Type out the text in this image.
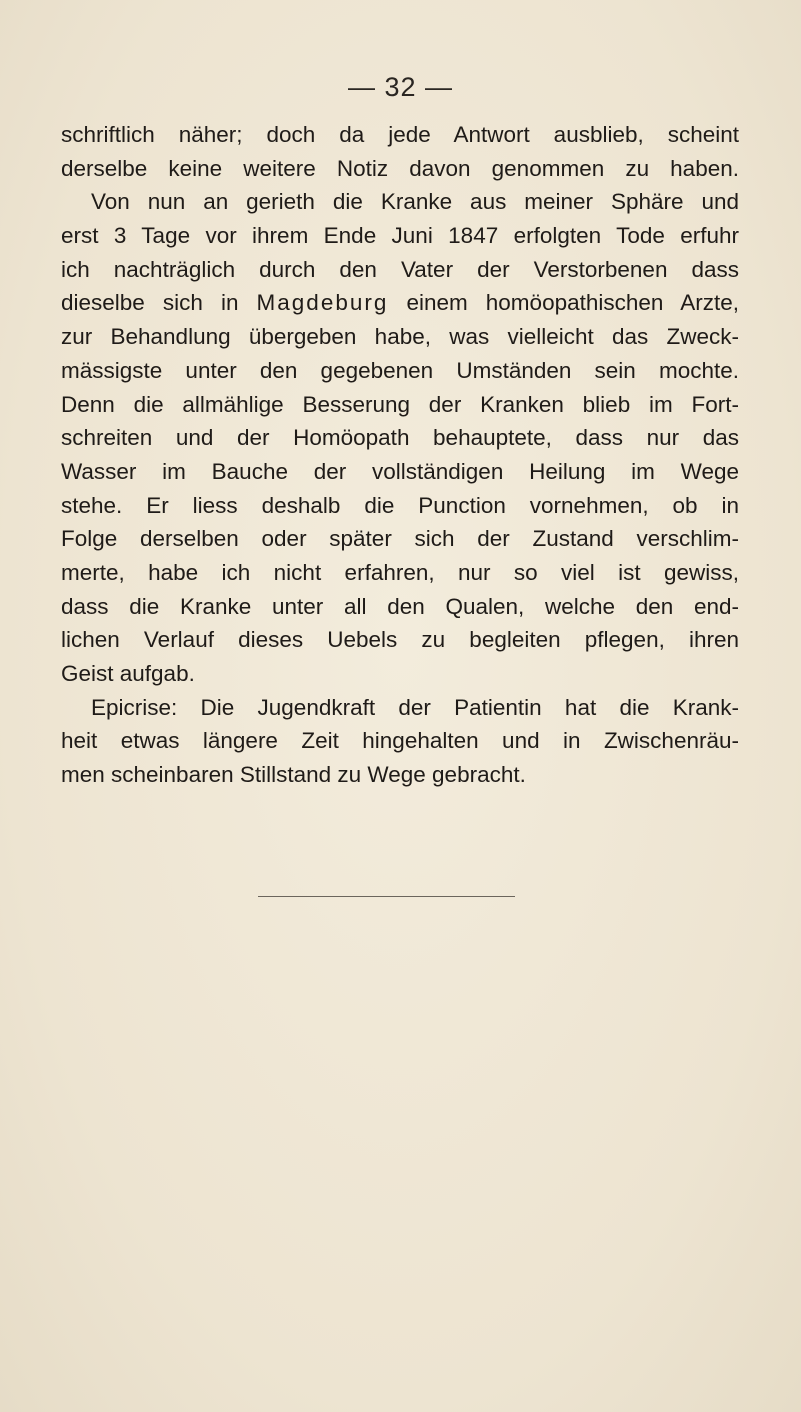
— 32 —
schriftlich näher; doch da jede Antwort ausblieb, scheint
derselbe keine weitere Notiz davon genommen zu haben.
Von nun an gerieth die Kranke aus meiner Sphäre und
erst 3 Tage vor ihrem Ende Juni 1847 erfolgten Tode erfuhr
ich nachträglich durch den Vater der Verstorbenen dass
dieselbe sich in Magdeburg einem homöopathischen Arzte,
zur Behandlung übergeben habe, was vielleicht das Zweck-
mässigste unter den gegebenen Umständen sein mochte.
Denn die allmählige Besserung der Kranken blieb im Fort-
schreiten und der Homöopath behauptete, dass nur das
Wasser im Bauche der vollständigen Heilung im Wege
stehe. Er liess deshalb die Punction vornehmen, ob in
Folge derselben oder später sich der Zustand verschlim-
merte, habe ich nicht erfahren, nur so viel ist gewiss,
dass die Kranke unter all den Qualen, welche den end-
lichen Verlauf dieses Uebels zu begleiten pflegen, ihren
Geist aufgab.
Epicrise: Die Jugendkraft der Patientin hat die Krank-
heit etwas längere Zeit hingehalten und in Zwischenräu-
men scheinbaren Stillstand zu Wege gebracht.
